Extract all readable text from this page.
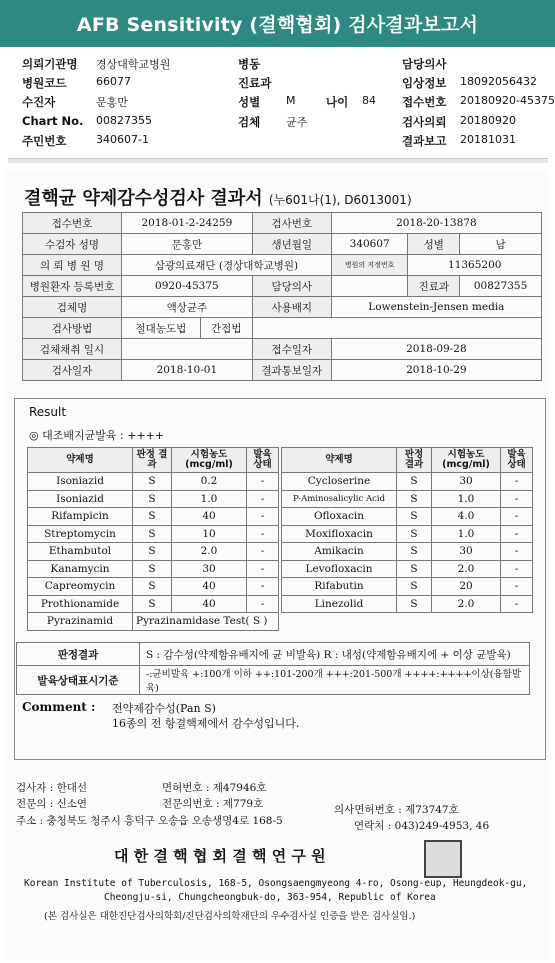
AFB Sensitivity (결핵협회) 검사결과보고서
의뢰기관명 경상대학교병원	병동	담당의사
병원코드	66077	진료과	임상정보 18092056432
수진자	문홍만	성별 M	나이 84 접수번호 20180920-45375
Chart No. 00827355	검체 균주	검사의뢰 20180920
주민번호	340607-1	결과보고 20181031
결핵균 약제감수성검사 결과서 (누601나(1), D6013001)
접수번호	2018-01-2-24259		검사번호	2018-20-13878		
수검자 성명	문홍만		생년월일	340607	성별	남
의 뢰 병 원 명	삼광의료재단 (경상대학교병원)			병원의 지정번호	11365200	
병원환자 등록번호	0920-45375		담당의사		진료과	00827355
검체명	액상균주		사용배지	Lowenstein-Jensen media		
검사방법	절대농도법	간접법				
검체채취 일시			접수일자	2018-09-28		
검사일자	2018-10-01		결과통보일자	2018-10-29		
Result
◎ 대조배지균발육 : ++++
약제명	판정 결과	시험농도 (mcg/ml)	발육 상태
Isoniazid	S	0.2	-
Isoniazid	S	1.0	-
Rifampicin	S	40	-
Streptomycin	S	10	-
Ethambutol	S	2.0	-
Kanamycin	S	30	-
Capreomycin	S	40	-
Prothionamide	S	40	-
Pyrazinamid	Pyrazinamidase Test( S )		
약제명	판정 결과	시험농도 (mcg/ml)	발육 상태
Cycloserine	S	30	-
P-Aminosalicylic Acid	S	1.0	-
Ofloxacin	S	4.0	-
Moxifloxacin	S	1.0	-
Amikacin	S	30	-
Levofloxacin	S	2.0	-
Rifabutin	S	20	-
Linezolid	S	2.0	-
판정결과	S : 감수성(약제함유배지에 균 비발육) R : 내성(약제함유배지에 + 이상 균발육)
발육상태표시기준	-:균비발육 +:100개 이하 ++:101-200개 +++:201-500개 ++++:++++이상(융합발육)
Comment : 전약제감수성(Pan S)
16종의 전 항결핵제에서 감수성입니다.
검사자 : 한대선	면허번호 : 제47946호
전문의 : 신소연	전문의번호 : 제779호	의사면허번호 : 제73747호
주소 : 충청북도 청주시 흥덕구 오송읍 오송생명4로 168-5	연락처 : 043)249-4953, 46
대 한 결 핵 협 회 결 핵 연 구 원
Korean Institute of Tuberculosis, 168-5, Osongsaengmyeong 4-ro, Osong-eup, Heungdeok-gu,
Cheongju-si, Chungcheongbuk-do, 363-954, Republic of Korea
(본 검사실은 대한진단검사의학회/진단검사의학재단의 우수검사실 인증을 받은 검사실임.)
